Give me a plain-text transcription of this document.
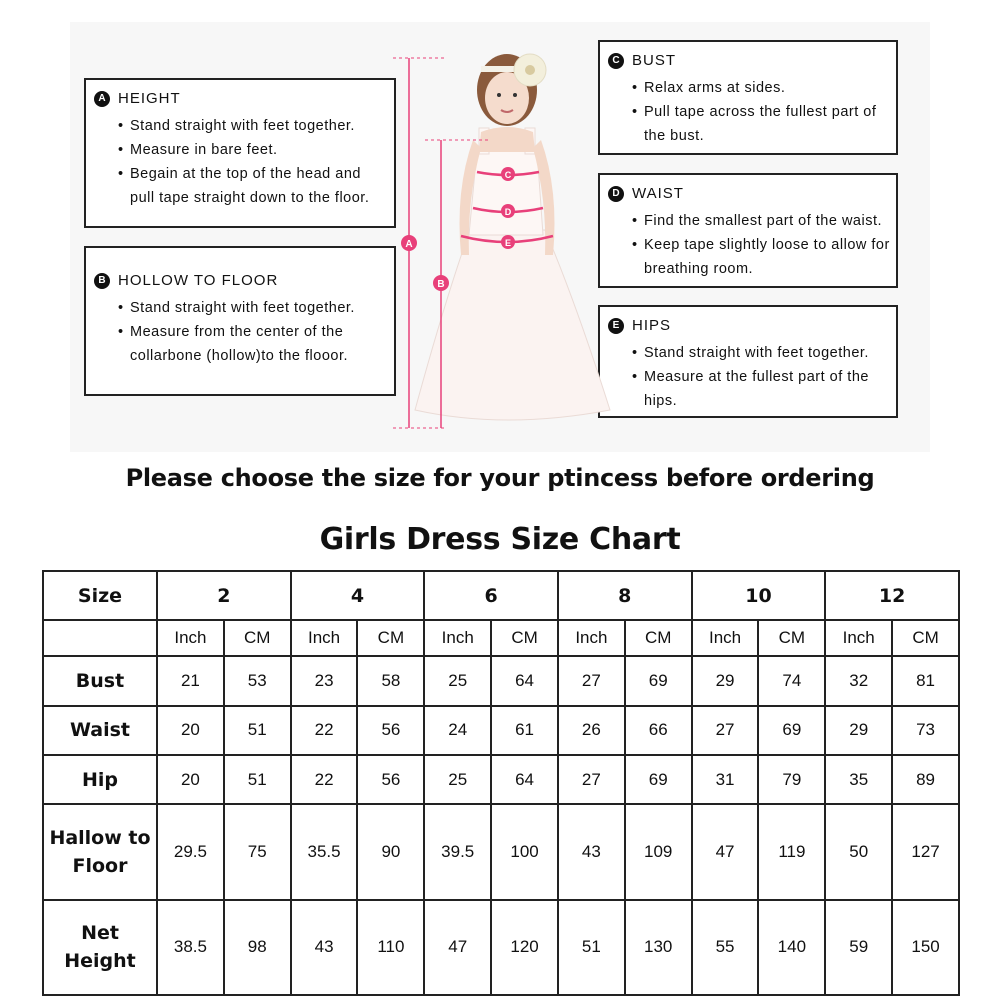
A HEIGHT
• Stand straight with feet together.
• Measure in bare feet.
• Begain at the top of the head and pull tape straight down to the floor.
B HOLLOW TO FLOOR
• Stand straight with feet together.
• Measure from the center of the collarbone (hollow)to the flooor.
C BUST
• Relax arms at sides.
• Pull tape across the fullest part of the bust.
D WAIST
• Find the smallest part of the waist.
• Keep tape slightly loose to allow for breathing room.
E HIPS
• Stand straight with feet together.
• Measure at the fullest part of the hips.
A
B
C
D
E
Please choose the size for your ptincess before ordering
Girls Dress Size Chart
Size	2		4		6		8		10		12	
	Inch	CM	Inch	CM	Inch	CM	Inch	CM	Inch	CM	Inch	CM
Bust	21	53	23	58	25	64	27	69	29	74	32	81
Waist	20	51	22	56	24	61	26	66	27	69	29	73
Hip	20	51	22	56	25	64	27	69	31	79	35	89
Hallow to Floor	29.5	75	35.5	90	39.5	100	43	109	47	119	50	127
Net Height	38.5	98	43	110	47	120	51	130	55	140	59	150
